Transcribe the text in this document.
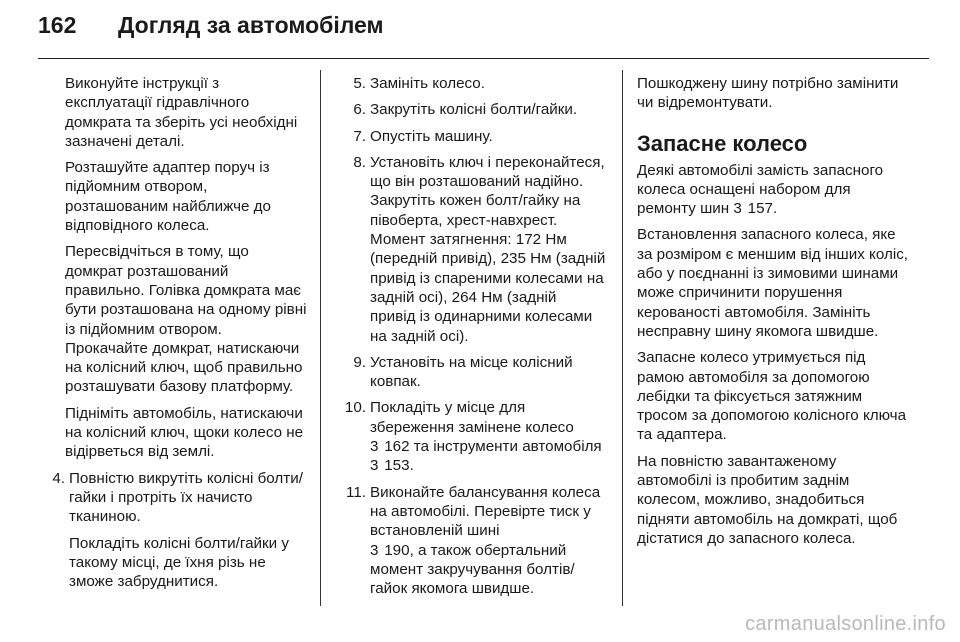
162	Догляд за автомобілем

Виконуйте інструкції з експлуатації гідравлічного домкрата та зберіть усі необхідні зазначені деталі.

Розташуйте адаптер поруч із підйомним отвором, розташованим найближче до відповідного колеса.

Пересвідчіться в тому, що домкрат розташований правильно. Голівка домкрата має бути розташована на одному рівні із підйомним отвором. Прокачайте домкрат, натискаючи на колісний ключ, щоб правильно розташувати базову платформу.

Підніміть автомобіль, натискаючи на колісний ключ, щоки колесо не відірветься від землі.

4. Повністю викрутіть колісні болти/гайки і протріть їх начисто тканиною.

Покладіть колісні болти/гайки у такому місці, де їхня різь не зможе забруднитися.

5. Замініть колесо.
6. Закрутіть колісні болти/гайки.
7. Опустіть машину.
8. Установіть ключ і переконайтеся, що він розташований надійно. Закрутіть кожен болт/гайку на півоберта, хрест-навхрест. Момент затягнення: 172 Нм (передній привід), 235 Нм (задній привід із спареними колесами на задній осі), 264 Нм (задній привід із одинарними колесами на задній осі).
9. Установіть на місце колісний ковпак.
10. Покладіть у місце для збереження замінене колесо
3 162 та інструменти автомобіля 3 153.
11. Виконайте балансування колеса на автомобілі. Перевірте тиск у встановленій шині
3 190, а також обертальний момент закручування болтів/гайок якомога швидше.

Пошкоджену шину потрібно замінити чи відремонтувати.

Запасне колесо

Деякі автомобілі замість запасного колеса оснащені набором для ремонту шин 3 157.

Встановлення запасного колеса, яке за розміром є меншим від інших коліс, або у поєднанні із зимовими шинами може спричинити порушення керованості автомобіля. Замініть несправну шину якомога швидше.

Запасне колесо утримується під рамою автомобіля за допомогою лебідки та фіксується затяжним тросом за допомогою колісного ключа та адаптера.

На повністю завантаженому автомобілі із пробитим заднім колесом, можливо, знадобиться підняти автомобіль на домкраті, щоб дістатися до запасного колеса.

carmanualsonline.info
